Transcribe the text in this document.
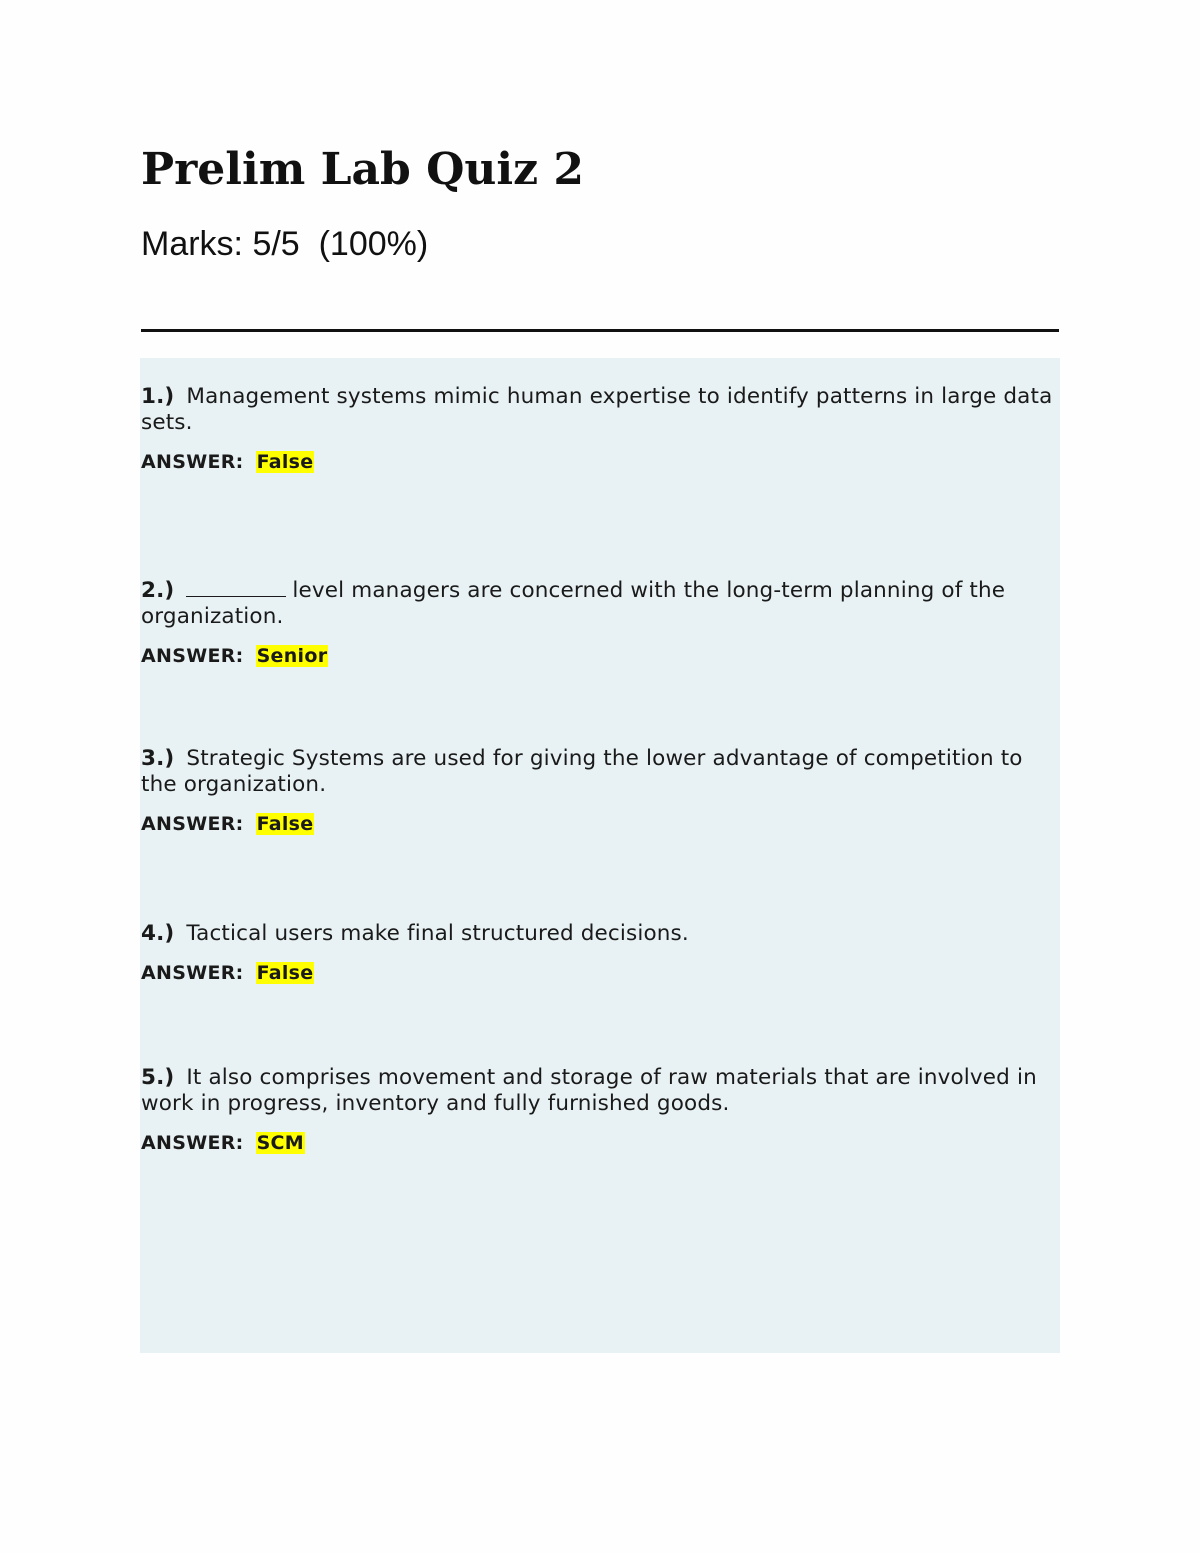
Prelim Lab Quiz 2
Marks: 5/5  (100%)

1.) Management systems mimic human expertise to identify patterns in large data sets.

ANSWER: False

2.)	level managers are concerned with the long-term planning of the organization.

ANSWER: Senior

3.) Strategic Systems are used for giving the lower advantage of competition to the organization.

ANSWER: False

4.) Tactical users make final structured decisions.

ANSWER: False

5.) It also comprises movement and storage of raw materials that are involved in work in progress, inventory and fully furnished goods.

ANSWER: SCM
